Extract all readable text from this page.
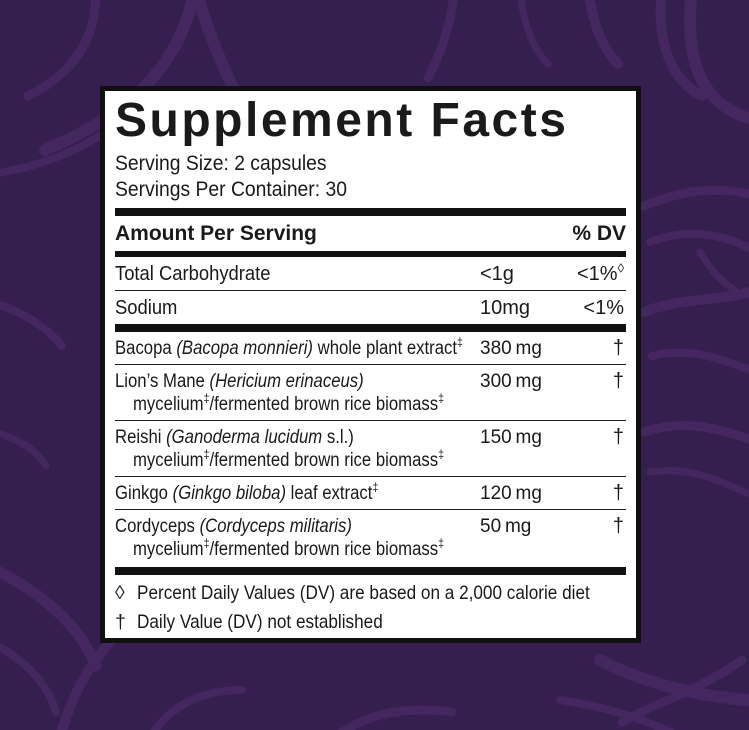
Supplement Facts
Serving Size: 2 capsules
Servings Per Container: 30
Amount Per Serving	% DV
Total Carbohydrate	<1g	<1%◊
Sodium	10mg	<1%
Bacopa (Bacopa monnieri) whole plant extract‡ 380 mg	†
Lion’s Mane (Hericium erinaceus)	300 mg	†
mycelium‡/fermented brown rice biomass‡
Reishi (Ganoderma lucidum s.l.)	150 mg	†
mycelium‡/fermented brown rice biomass‡
Ginkgo (Ginkgo biloba) leaf extract‡	120 mg	†
Cordyceps (Cordyceps militaris)	50 mg	†
mycelium‡/fermented brown rice biomass‡
◊ Percent Daily Values (DV) are based on a 2,000 calorie diet
† Daily Value (DV) not established
